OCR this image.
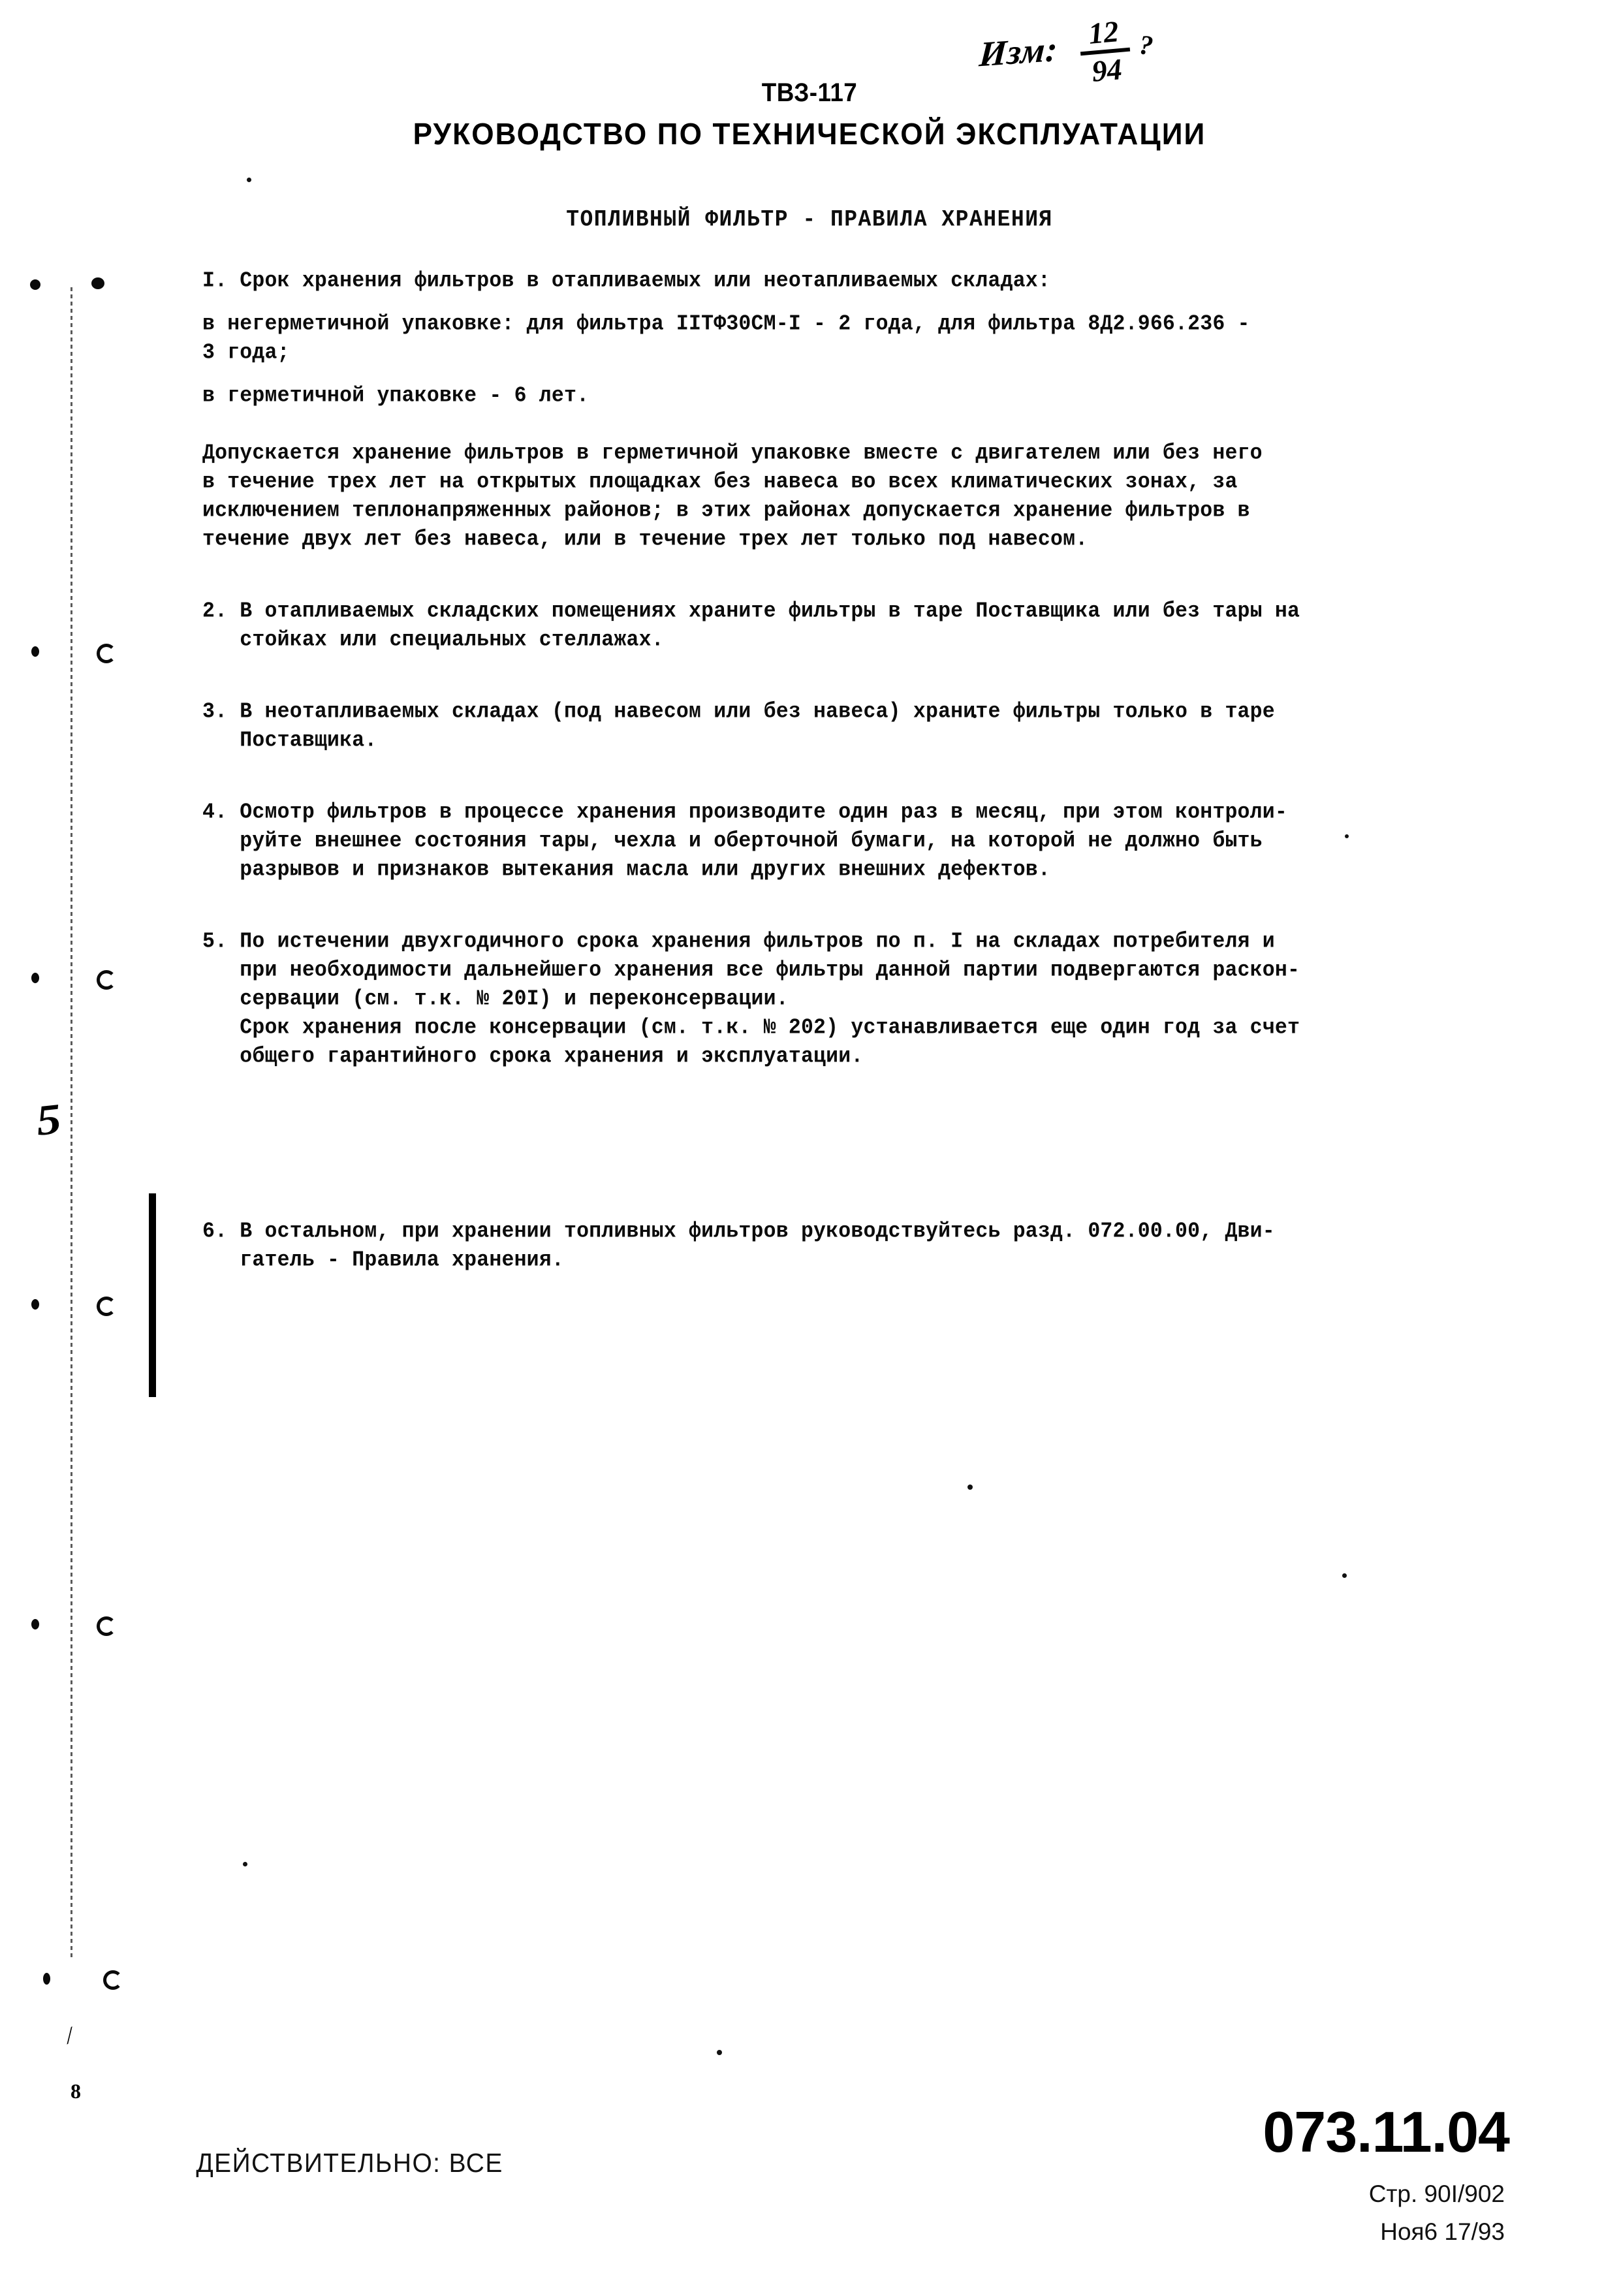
5
⁄
8
Изм: 12
94
?
ТВЗ-117
РУКОВОДСТВО ПО ТЕХНИЧЕСКОЙ ЭКСПЛУАТАЦИИ
ТОПЛИВНЫЙ ФИЛЬТР - ПРАВИЛА ХРАНЕНИЯ
I. Срок хранения фильтров в отапливаемых или неотапливаемых складах:
в негерметичной упаковке: для фильтра IIТФ30СМ-I - 2 года, для фильтра 8Д2.966.236 -
3 года;
в герметичной упаковке - 6 лет.
Допускается хранение фильтров в герметичной упаковке вместе с двигателем или без него
в течение трех лет на открытых площадках без навеса во всех климатических зонах, за
исключением теплонапряженных районов; в этих районах допускается хранение фильтров в
течение двух лет без навеса, или в течение трех лет только под навесом.
2. В отапливаемых складских помещениях храните фильтры в таре Поставщика или без тары на
стойках или специальных стеллажах.
3. В неотапливаемых складах (под навесом или без навеса) храните фильтры только в таре
Поставщика.
4. Осмотр фильтров в процессе хранения производите один раз в месяц, при этом контроли-
руйте внешнее состояния тары, чехла и оберточной бумаги, на которой не должно быть
разрывов и признаков вытекания масла или других внешних дефектов.
5. По истечении двухгодичного срока хранения фильтров по п. I на складах потребителя и
при необходимости дальнейшего хранения все фильтры данной партии подвергаются раскон-
сервации (см. т.к. № 20I) и переконсервации.
Срок хранения после консервации (см. т.к. № 202) устанавливается еще один год за счет
общего гарантийного срока хранения и эксплуатации.
6. В остальном, при хранении топливных фильтров руководствуйтесь разд. 072.00.00, Дви-
гатель - Правила хранения.
ДЕЙСТВИТЕЛЬНО: ВСЕ	073.11.04
Стр. 90I/902
Ноя6 17/93
